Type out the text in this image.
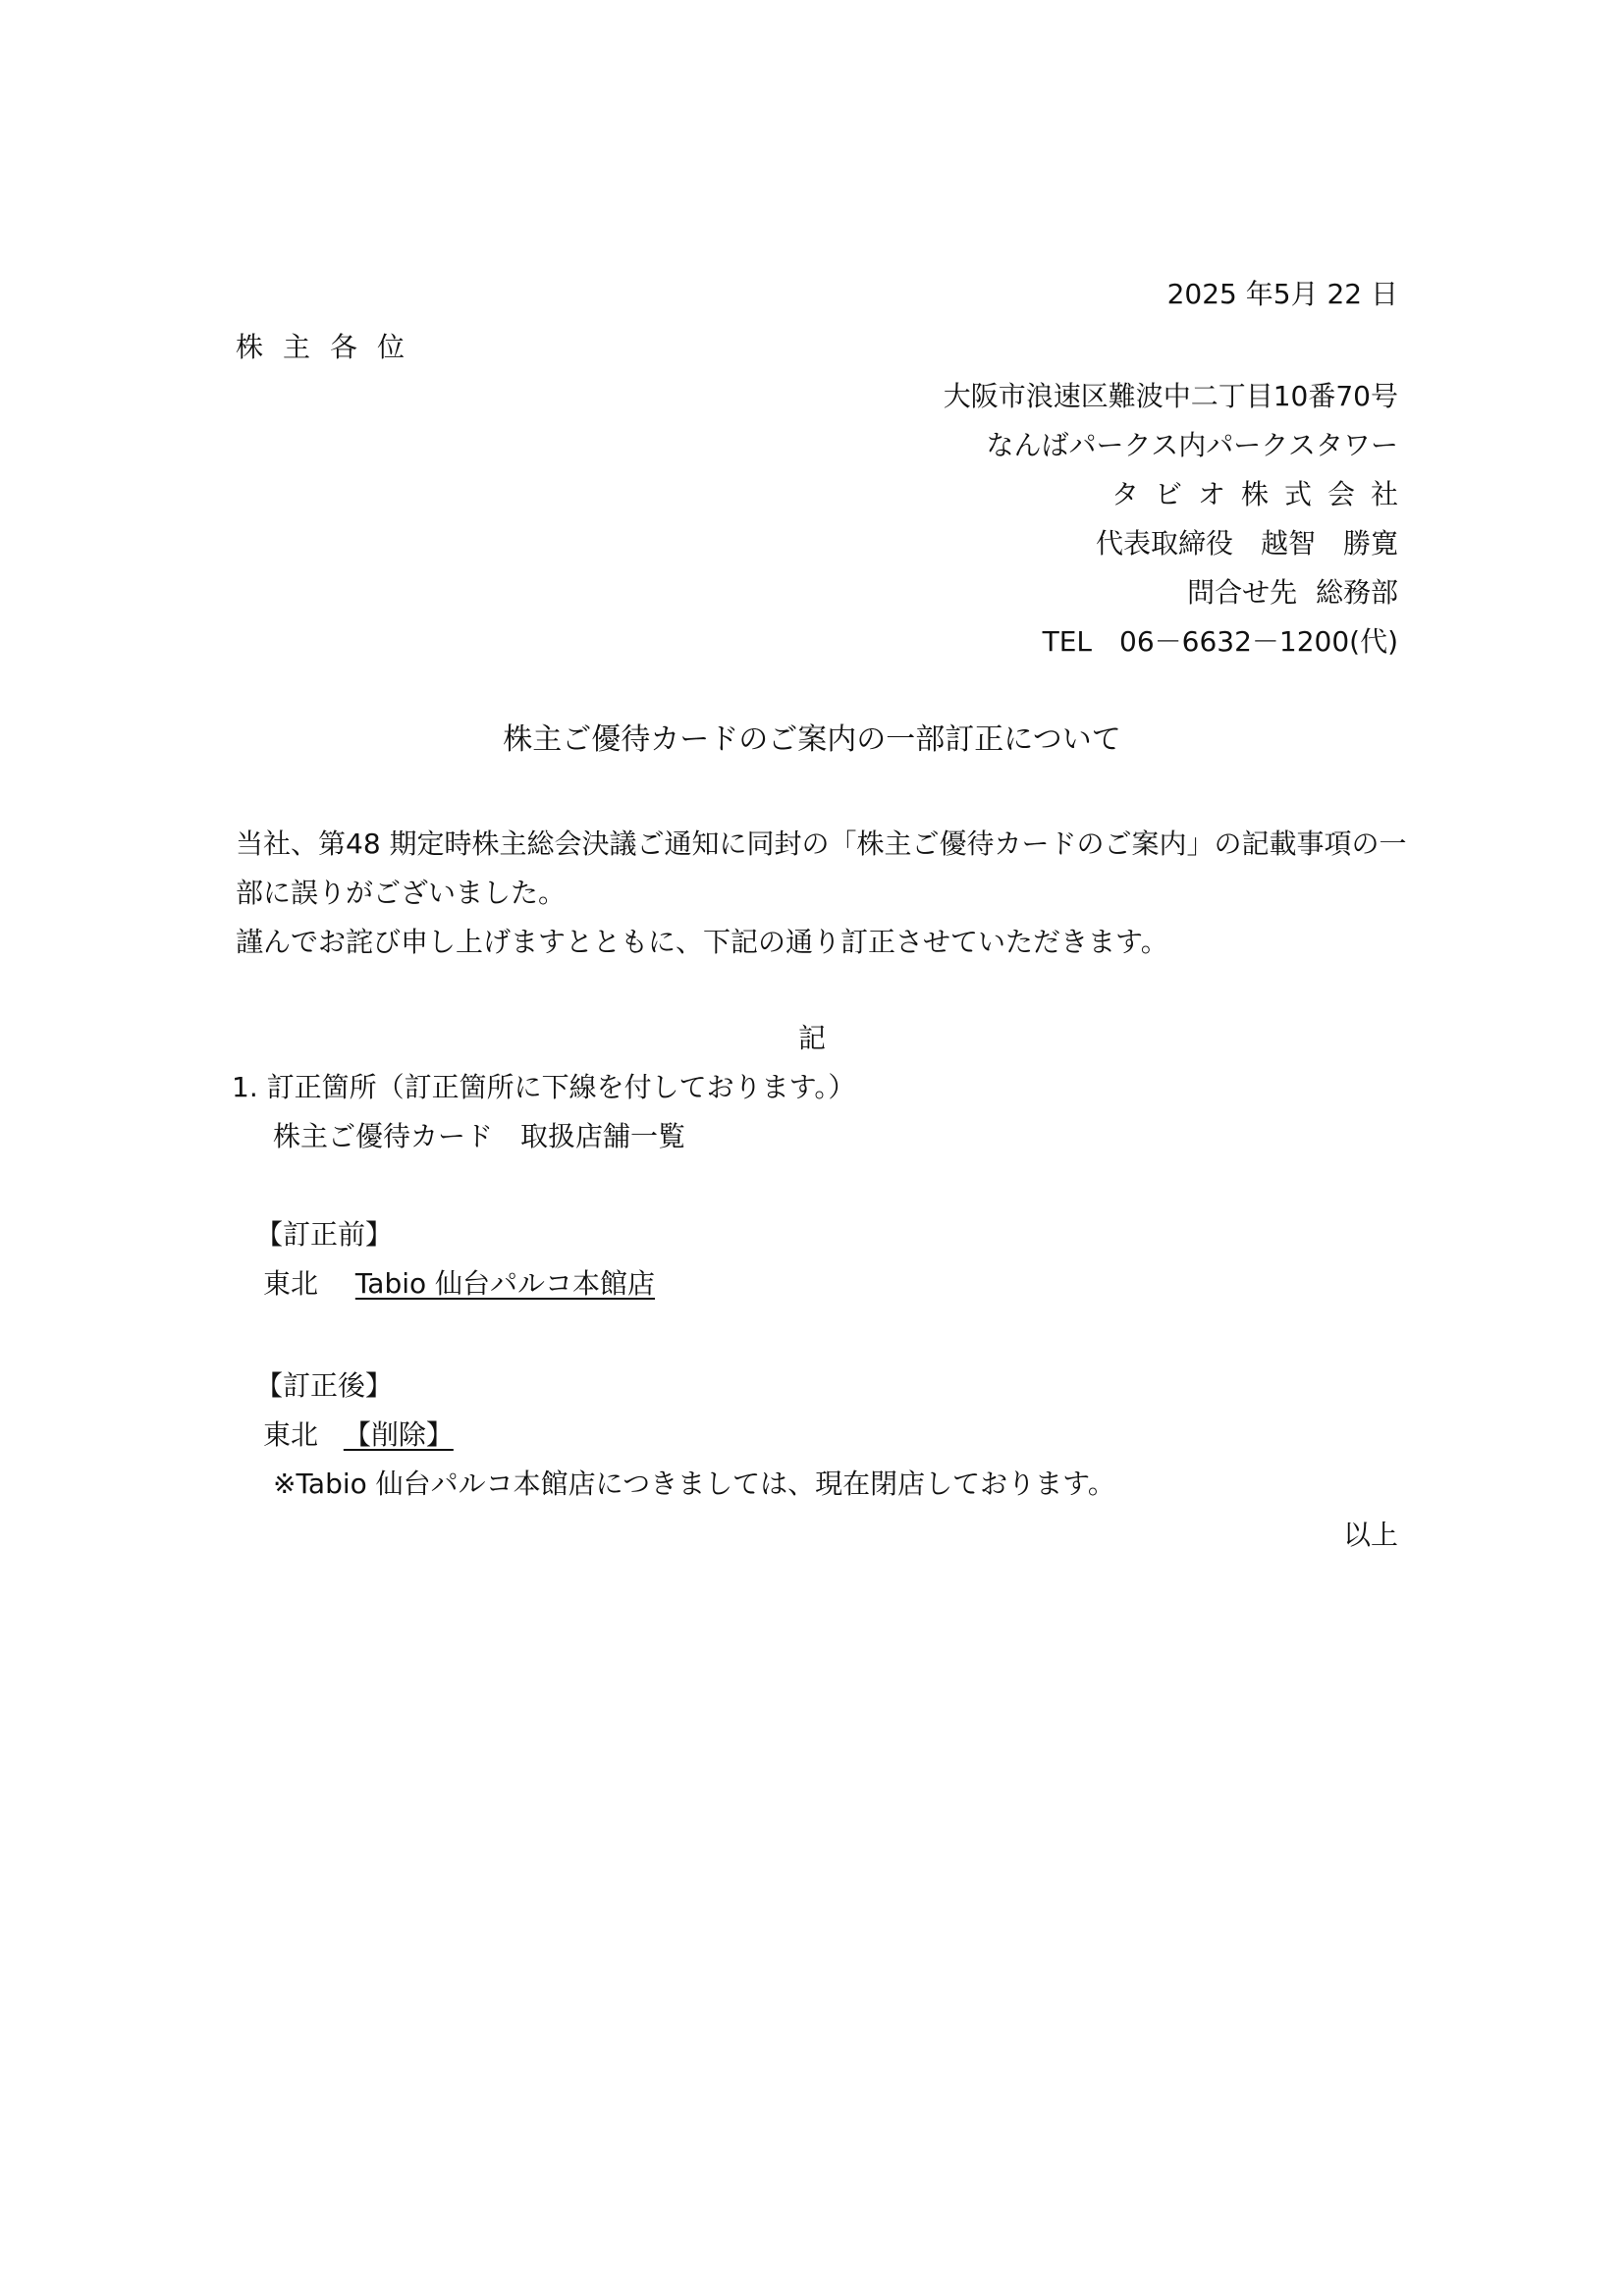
2025 年5月 22 日
株主各位
大阪市浪速区難波中二丁目10番70号
なんばパークス内パークスタワー
タビオ株式会社
代表取締役　越智　勝寛
問合せ先 総務部
TEL　06－6632－1200(代)
株主ご優待カードのご案内の一部訂正について
当社、第48 期定時株主総会決議ご通知に同封の「株主ご優待カードのご案内」の記載事項の一
部に誤りがございました。
謹んでお詫び申し上げますとともに、下記の通り訂正させていただきます。
記
1. 訂正箇所（訂正箇所に下線を付しております。）
株主ご優待カード　取扱店舗一覧
【訂正前】
東北 Tabio 仙台パルコ本館店
【訂正後】
東北 【削除】
※Tabio 仙台パルコ本館店につきましては、現在閉店しております。
以上
